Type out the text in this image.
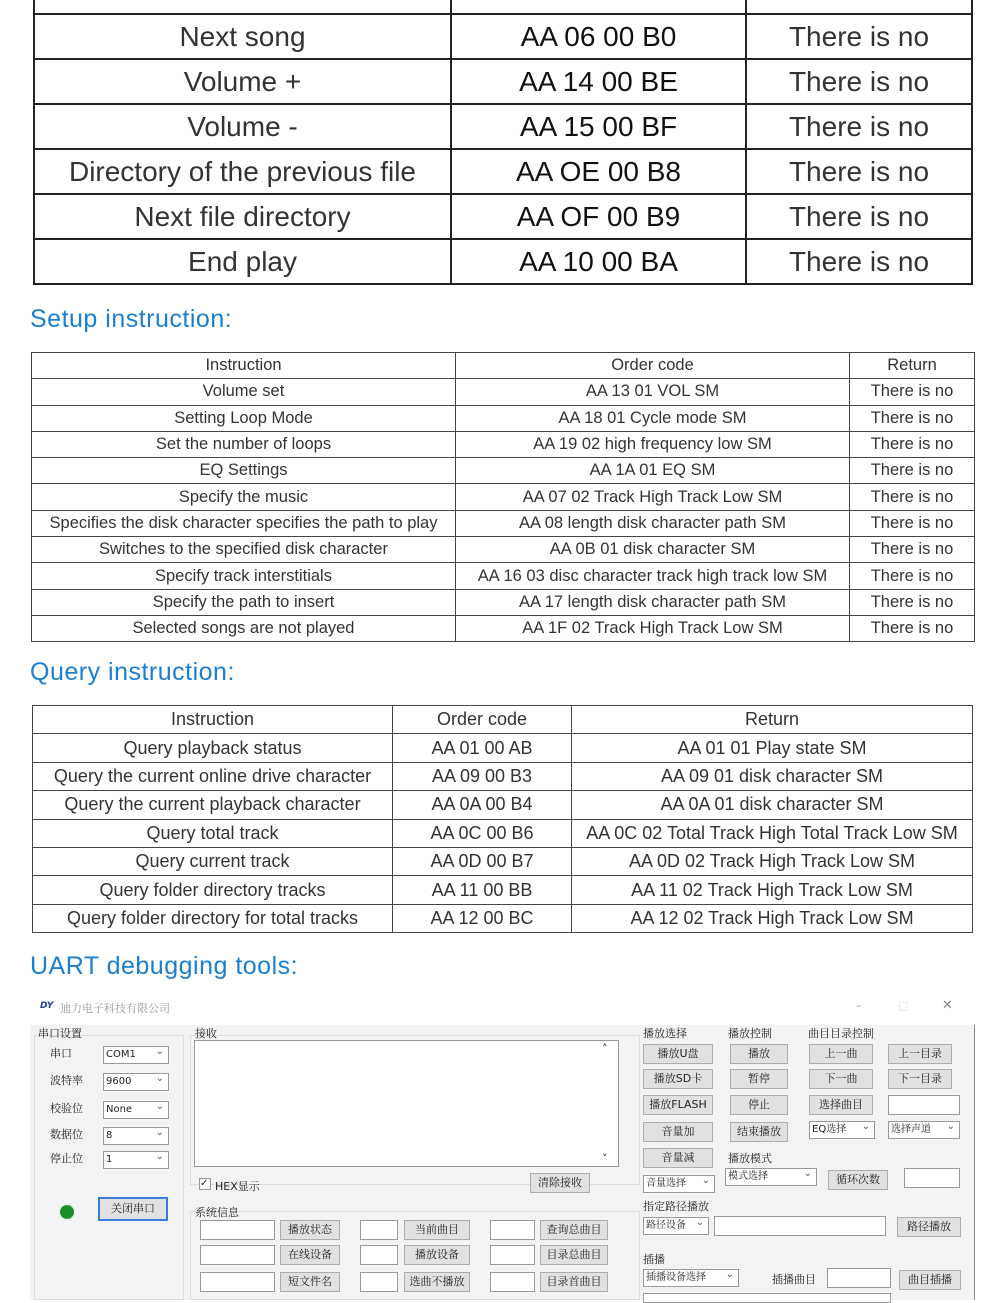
Next song	AA 06 00 B0	There is no
Volume +	AA 14 00 BE	There is no
Volume -	AA 15 00 BF	There is no
Directory of the previous file	AA OE 00 B8	There is no
Next file directory	AA OF 00 B9	There is no
End play	AA 10 00 BA	There is no
Setup instruction:
Instruction	Order code	Return
Volume set	AA 13 01 VOL SM	There is no
Setting Loop Mode	AA 18 01 Cycle mode SM	There is no
Set the number of loops	AA 19 02 high frequency low SM	There is no
EQ Settings	AA 1A 01 EQ SM	There is no
Specify the music	AA 07 02 Track High Track Low SM	There is no
Specifies the disk character specifies the path to play	AA 08 length disk character path SM	There is no
Switches to the specified disk character	AA 0B 01 disk character SM	There is no
Specify track interstitials	AA 16 03 disc character track high track low SM	There is no
Specify the path to insert	AA 17 length disk character path SM	There is no
Selected songs are not played	AA 1F 02 Track High Track Low SM	There is no
Query instruction:
Instruction	Order code	Return
Query playback status	AA 01 00 AB	AA 01 01 Play state SM
Query the current online drive character	AA 09 00 B3	AA 09 01 disk character SM
Query the current playback character	AA 0A 00 B4	AA 0A 01 disk character SM
Query total track	AA 0C 00 B6	AA 0C 02 Total Track High Total Track Low SM
Query current track	AA 0D 00 B7	AA 0D 02 Track High Track Low SM
Query folder directory tracks	AA 11 00 BB	AA 11 02 Track High Track Low SM
Query folder directory for total tracks	AA 12 00 BC	AA 12 02 Track High Track Low SM
UART debugging tools:
DY 迪力电子科技有限公司	–	□	✕
串口设置
串口	COM1 ⌄
波特率	9600 ⌄
校验位	None ⌄
数据位	8 ⌄
停止位	1 ⌄
关闭串口
接收
˄
˅
✓ HEX显示	清除接收
系统信息
播放状态	当前曲目	查询总曲目
在线设备	播放设备	目录总曲目
短文件名	选曲不播放	目录首曲目
播放选择
播放U盘
播放SD卡
播放FLASH
音量加
音量减
音量选择 ⌄
播放控制
播放
暂停
停止
结束播放
曲目目录控制
上一曲	上一目录
下一曲	下一目录
选择曲目
EQ选择 ⌄	选择声道 ⌄
播放模式
模式选择 ⌄	循环次数
指定路径播放
路径设备 ⌄	路径播放
插播
插播设备选择 ⌄	插播曲目	曲目插播
